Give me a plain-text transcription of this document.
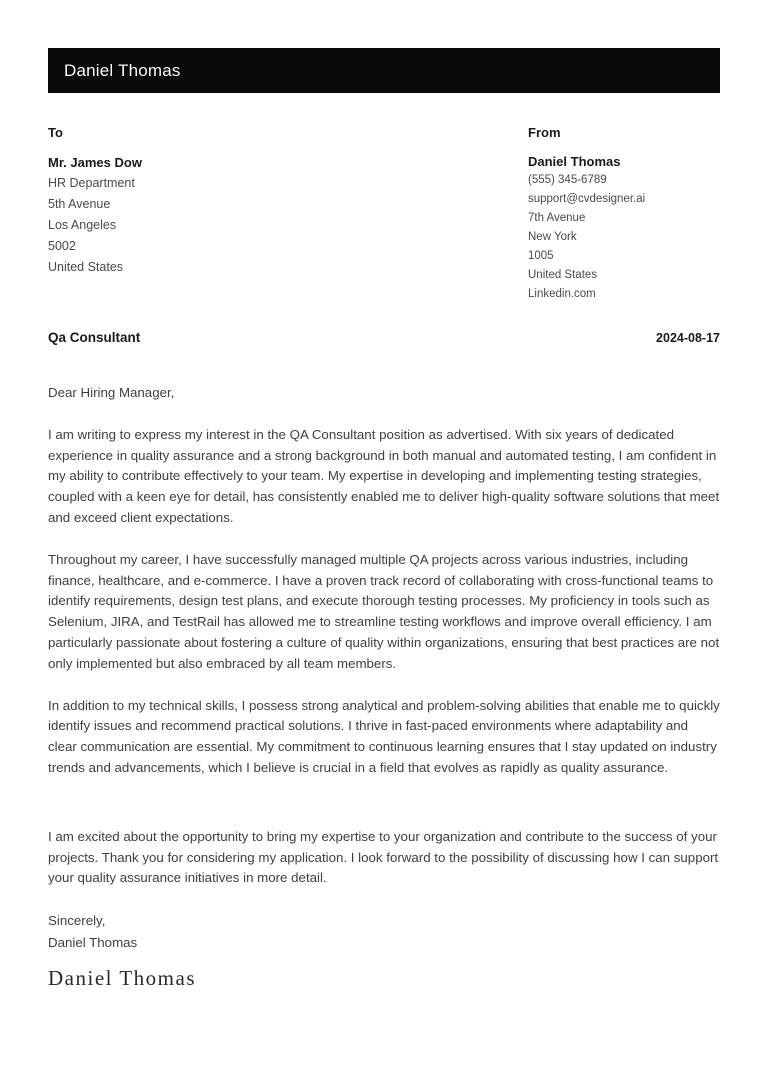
Daniel Thomas
To
Mr. James Dow
HR Department
5th Avenue
Los Angeles
5002
United States
From
Daniel Thomas
(555) 345-6789
support@cvdesigner.ai
7th Avenue
New York
1005
United States
Linkedin.com
Qa Consultant	2024-08-17
Dear Hiring Manager,

I am writing to express my interest in the QA Consultant position as advertised. With six years of dedicated experience in quality assurance and a strong background in both manual and automated testing, I am confident in my ability to contribute effectively to your team. My expertise in developing and implementing testing strategies, coupled with a keen eye for detail, has consistently enabled me to deliver high-quality software solutions that meet and exceed client expectations.

Throughout my career, I have successfully managed multiple QA projects across various industries, including finance, healthcare, and e-commerce. I have a proven track record of collaborating with cross-functional teams to identify requirements, design test plans, and execute thorough testing processes. My proficiency in tools such as Selenium, JIRA, and TestRail has allowed me to streamline testing workflows and improve overall efficiency. I am particularly passionate about fostering a culture of quality within organizations, ensuring that best practices are not only implemented but also embraced by all team members.

In addition to my technical skills, I possess strong analytical and problem-solving abilities that enable me to quickly identify issues and recommend practical solutions. I thrive in fast-paced environments where adaptability and clear communication are essential. My commitment to continuous learning ensures that I stay updated on industry trends and advancements, which I believe is crucial in a field that evolves as rapidly as quality assurance.

I am excited about the opportunity to bring my expertise to your organization and contribute to the success of your projects. Thank you for considering my application. I look forward to the possibility of discussing how I can support your quality assurance initiatives in more detail.

Sincerely,
Daniel Thomas
Daniel Thomas
